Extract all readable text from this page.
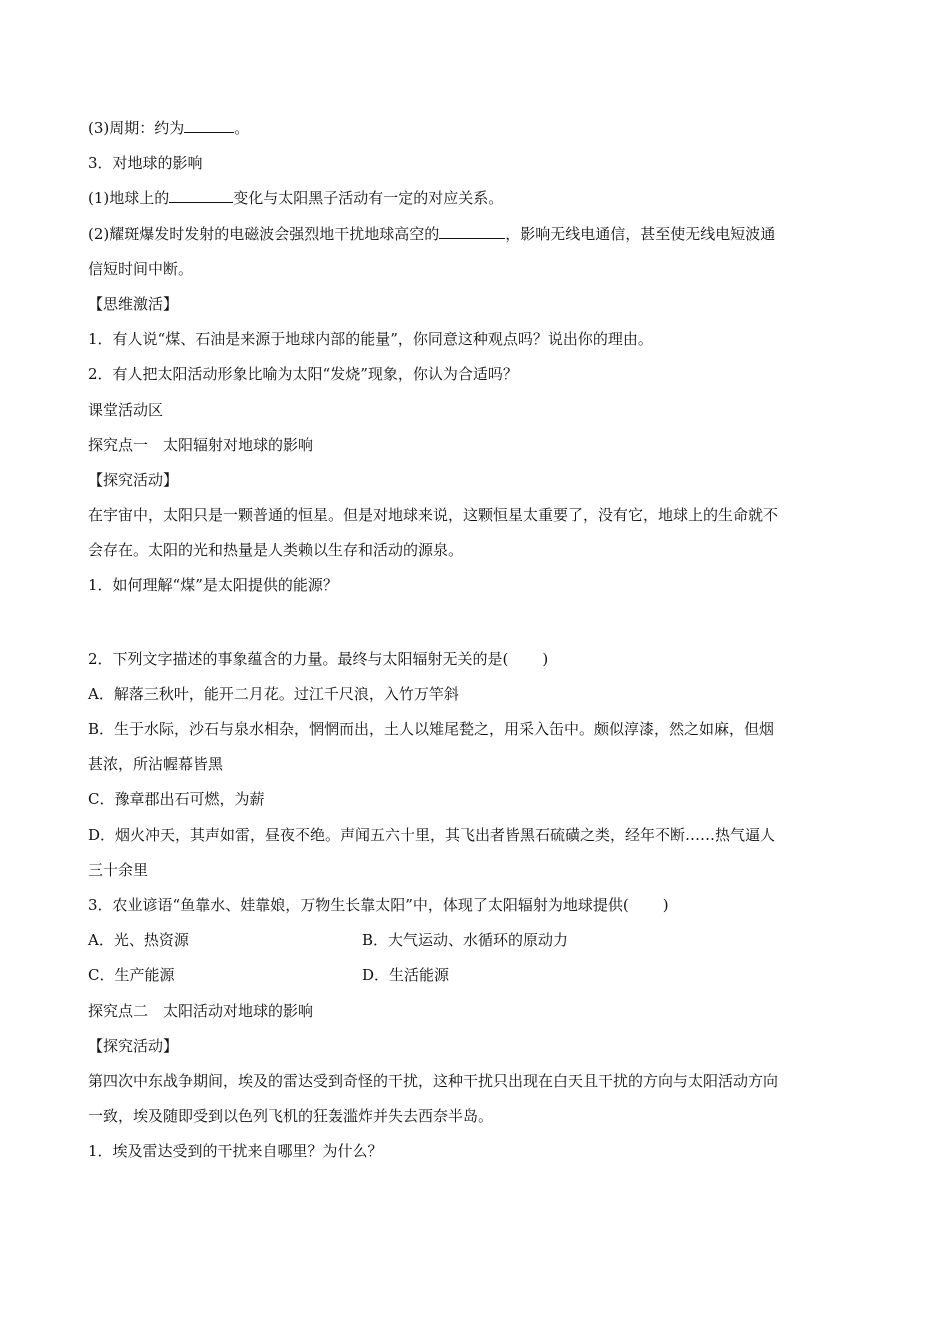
(3)周期：约为	。
3．对地球的影响
(1)地球上的	变化与太阳黑子活动有一定的对应关系。
(2)耀斑爆发时发射的电磁波会强烈地干扰地球高空的	，影响无线电通信，甚至使无线电短波通
信短时间中断。
【思维激活】
1．有人说“煤、石油是来源于地球内部的能量”，你同意这种观点吗？说出你的理由。
2．有人把太阳活动形象比喻为太阳“发烧”现象，你认为合适吗？
课堂活动区
探究点一　太阳辐射对地球的影响
【探究活动】
在宇宙中，太阳只是一颗普通的恒星。但是对地球来说，这颗恒星太重要了，没有它，地球上的生命就不
会存在。太阳的光和热量是人类赖以生存和活动的源泉。
1．如何理解“煤”是太阳提供的能源？
2．下列文字描述的事象蕴含的力量。最终与太阳辐射无关的是( )
A．解落三秋叶，能开二月花。过江千尺浪，入竹万竿斜
B．生于水际，沙石与泉水相杂，惘惘而出，土人以雉尾甃之，用采入缶中。颇似淳漆，然之如麻，但烟
甚浓，所沾幄幕皆黑
C．豫章郡出石可燃，为薪
D．烟火冲天，其声如雷，昼夜不绝。声闻五六十里，其飞出者皆黑石硫磺之类，经年不断……热气逼人
三十余里
3．农业谚语“鱼靠水、娃靠娘，万物生长靠太阳”中，体现了太阳辐射为地球提供( )
A．光、热资源	B．大气运动、水循环的原动力
C．生产能源	D．生活能源
探究点二　太阳活动对地球的影响
【探究活动】
第四次中东战争期间，埃及的雷达受到奇怪的干扰，这种干扰只出现在白天且干扰的方向与太阳活动方向
一致，埃及随即受到以色列飞机的狂轰滥炸并失去西奈半岛。
1．埃及雷达受到的干扰来自哪里？为什么？
